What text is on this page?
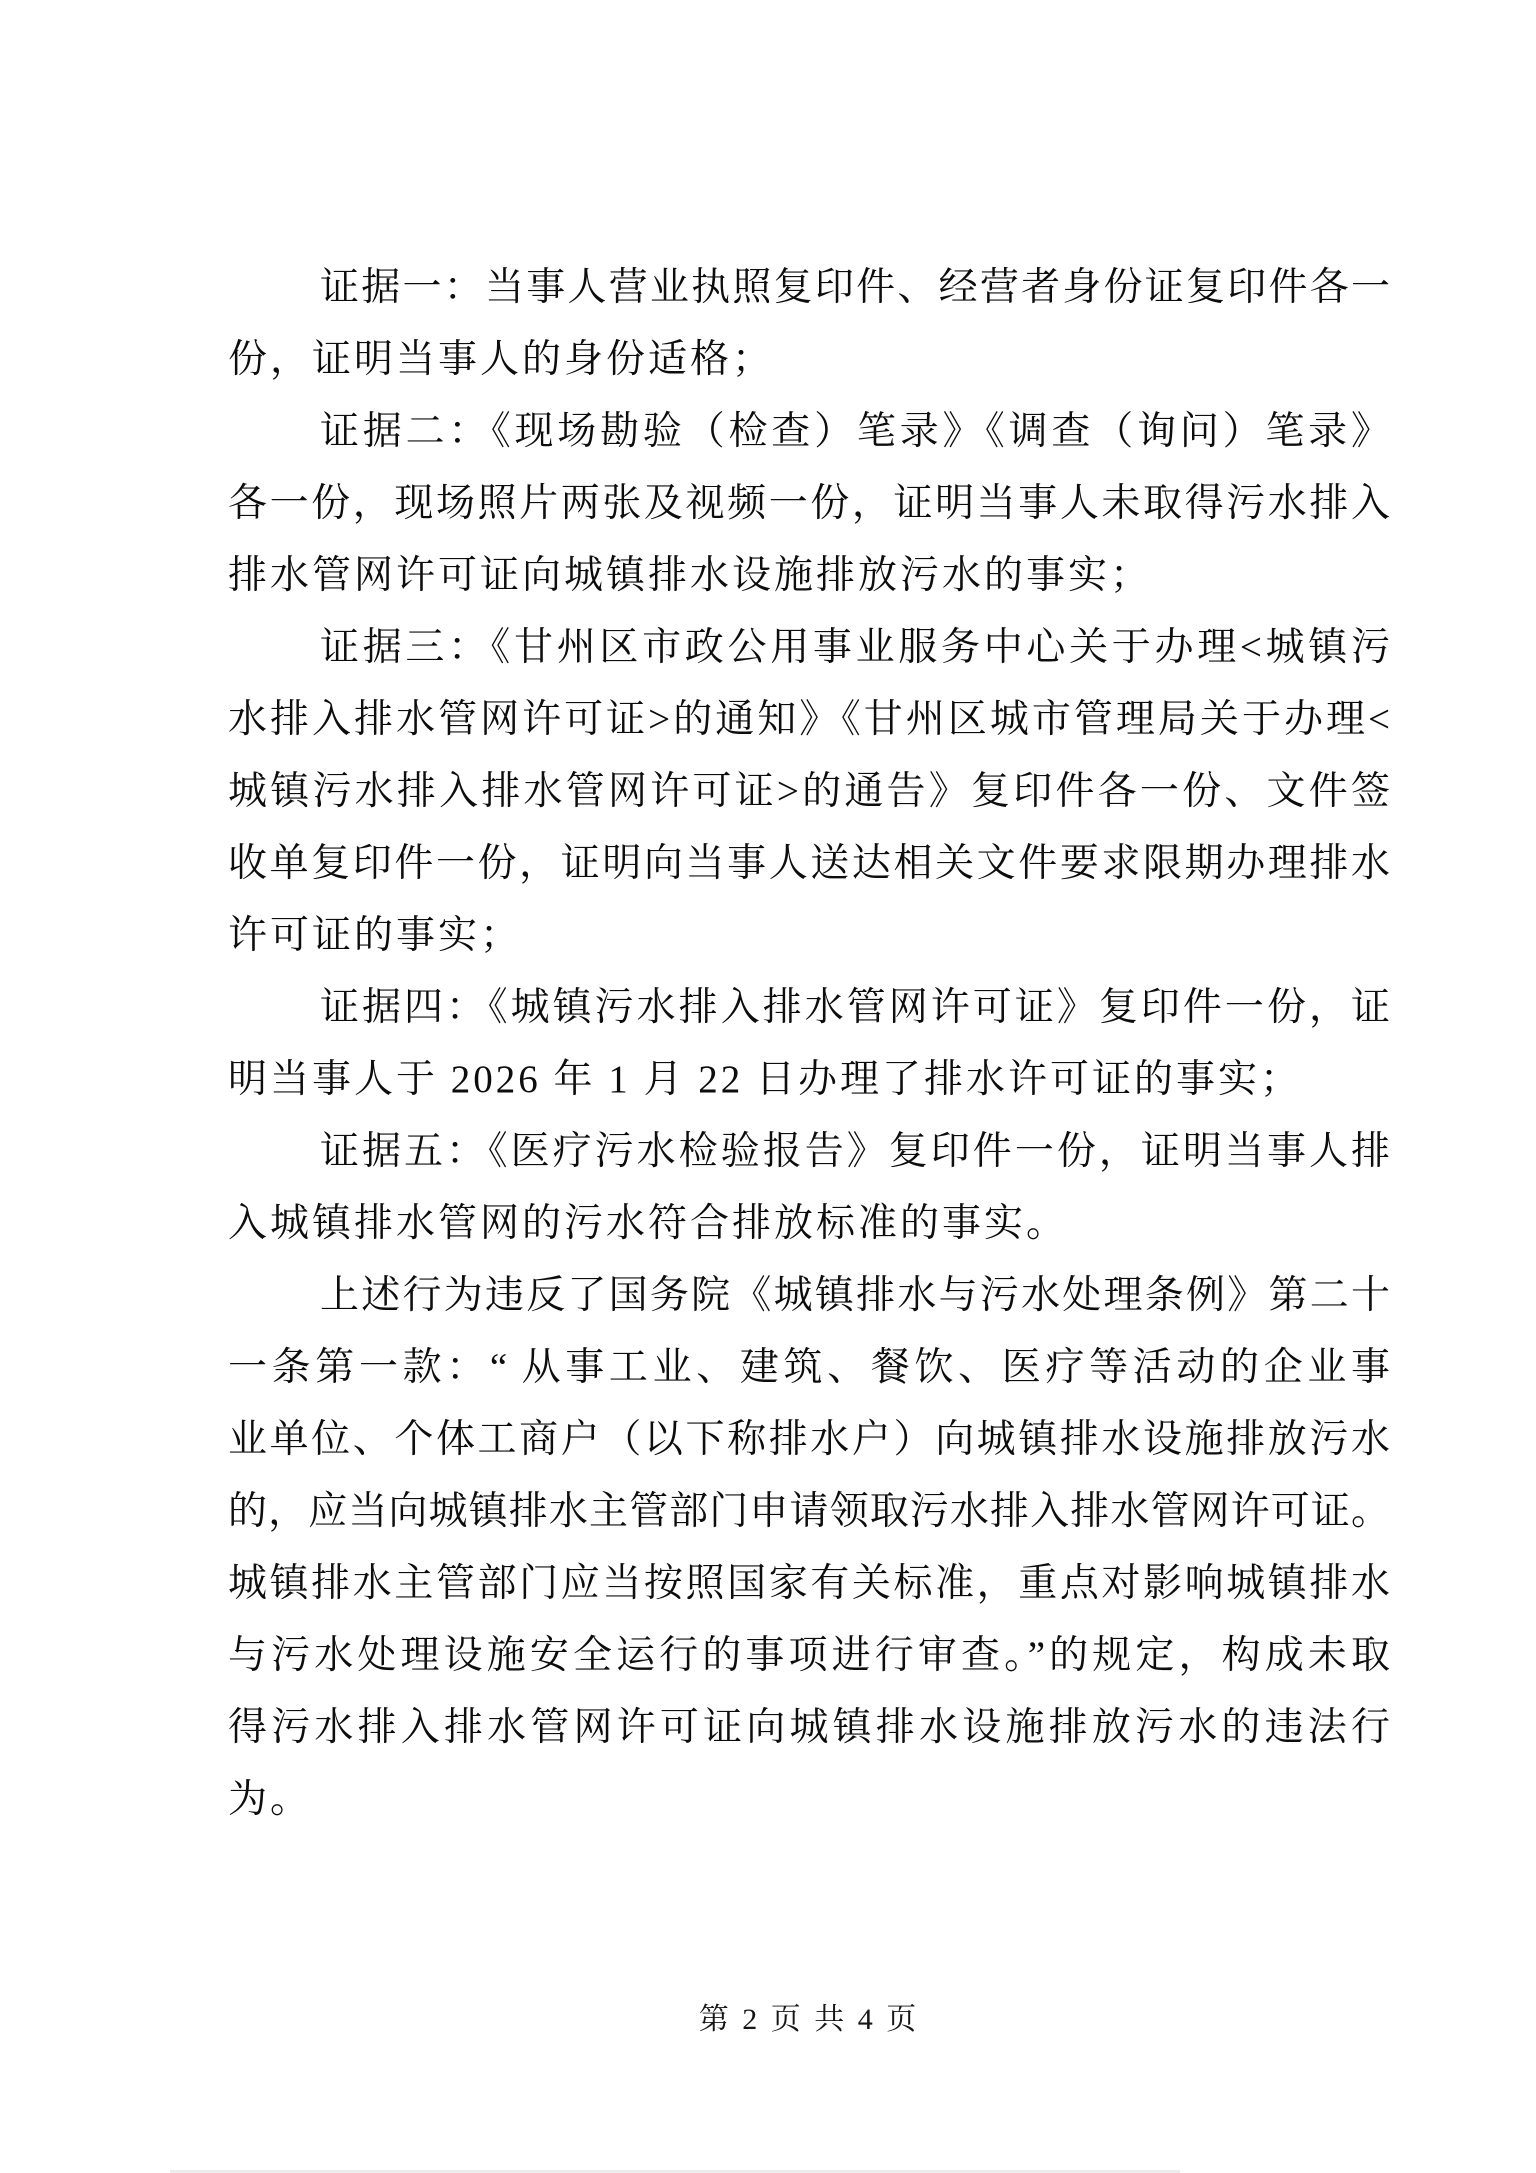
证据一：当事人营业执照复印件、经营者身份证复印件各一
份，证明当事人的身份适格；
证据二：《现场勘验（检查）笔录》《调查（询问）笔录》
各一份，现场照片两张及视频一份，证明当事人未取得污水排入
排水管网许可证向城镇排水设施排放污水的事实；
证据三：《甘州区市政公用事业服务中心关于办理<城镇污
水排入排水管网许可证>的通知》《甘州区城市管理局关于办理<
城镇污水排入排水管网许可证>的通告》复印件各一份、文件签
收单复印件一份，证明向当事人送达相关文件要求限期办理排水
许可证的事实；
证据四：《城镇污水排入排水管网许可证》复印件一份，证
明当事人于 2026 年 1 月 22 日办理了排水许可证的事实；
证据五：《医疗污水检验报告》复印件一份，证明当事人排
入城镇排水管网的污水符合排放标准的事实。
上述行为违反了国务院《城镇排水与污水处理条例》第二十
一条第一款：“ 从事工业、建筑、餐饮、医疗等活动的企业事
业单位、个体工商户（以下称排水户）向城镇排水设施排放污水
的，应当向城镇排水主管部门申请领取污水排入排水管网许可证。
城镇排水主管部门应当按照国家有关标准，重点对影响城镇排水
与污水处理设施安全运行的事项进行审查。”的规定，构成未取
得污水排入排水管网许可证向城镇排水设施排放污水的违法行
为。
第 2 页 共 4 页
